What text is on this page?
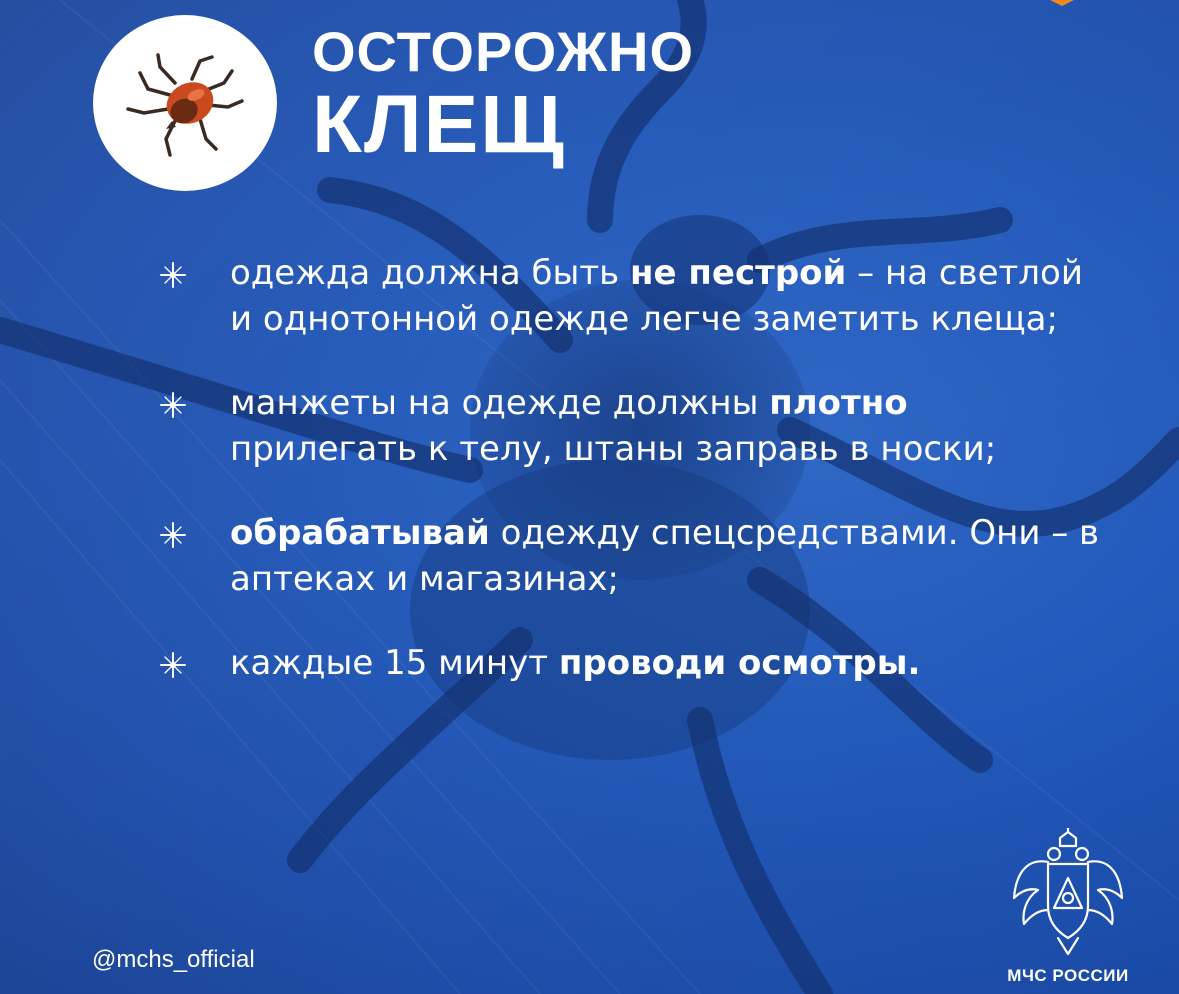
ОСТОРОЖНО
КЛЕЩ
одежда должна быть не пестрой – на светлой и однотонной одежде легче заметить клеща;
манжеты на одежде должны плотно прилегать к телу, штаны заправь в носки;
обрабатывай одежду спецсредствами. Они – в аптеках и магазинах;
каждые 15 минут проводи осмотры.
@mchs_official
МЧС РОССИИ
